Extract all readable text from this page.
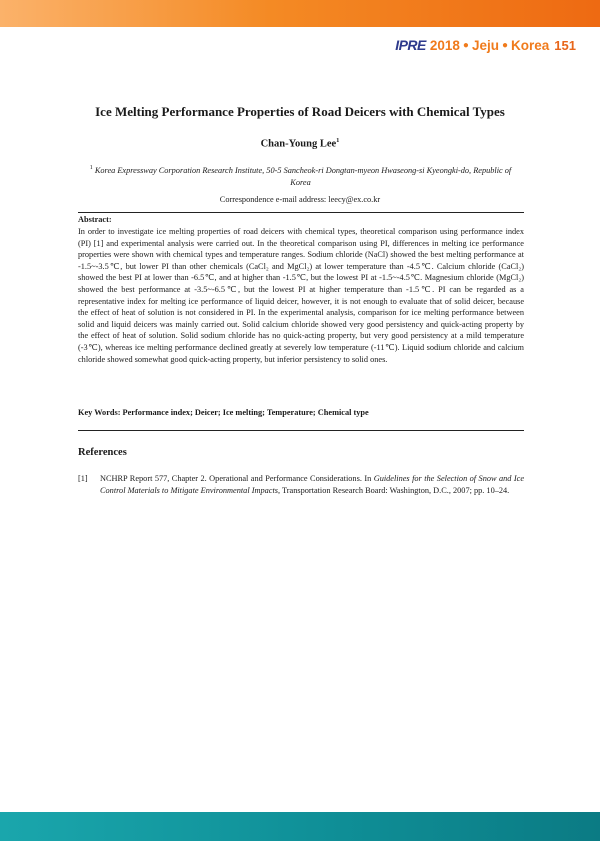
IPRE 2018 ● Jeju ● Korea 151
Ice Melting Performance Properties of Road Deicers with Chemical Types
Chan-Young Lee$^1$
$^1$ Korea Expressway Corporation Research Institute, 50-5 Sancheok-ri Dongtan-myeon Hwaseong-si Kyeongki-do, Republic of Korea
Correspondence e-mail address: leecy@ex.co.kr
Abstract:
In order to investigate ice melting properties of road deicers with chemical types, theoretical comparison using performance index (PI) [1] and experimental analysis were carried out. In the theoretical comparison using PI, differences in melting ice performance properties were shown with chemical types and temperature ranges. Sodium chloride (NaCl) showed the best melting performance at -1.5~-3.5℃, but lower PI than other chemicals (CaCl₂ and MgCl₂) at lower temperature than -4.5℃. Calcium chloride (CaCl₂) showed the best PI at lower than -6.5℃, and at higher than -1.5℃, but the lowest PI at -1.5~-4.5℃. Magnesium chloride (MgCl₂) showed the best performance at -3.5~-6.5℃, but the lowest PI at higher temperature than -1.5℃. PI can be regarded as a representative index for melting ice performance of liquid deicer, however, it is not enough to evaluate that of solid deicer, because the effect of heat of solution is not considered in PI. In the experimental analysis, comparison for ice melting performance between solid and liquid deicers was mainly carried out. Solid calcium chloride showed very good persistency and quick-acting property by the effect of heat of solution. Solid sodium chloride has no quick-acting property, but very good persistency at a mild temperature (-3℃), whereas ice melting performance declined greatly at severely low temperature (-11℃). Liquid sodium chloride and calcium chloride showed somewhat good quick-acting property, but inferior persistency to solid ones.
Key Words: Performance index; Deicer; Ice melting; Temperature; Chemical type
References
[1] NCHRP Report 577, Chapter 2. Operational and Performance Considerations. In Guidelines for the Selection of Snow and Ice Control Materials to Mitigate Environmental Impacts, Transportation Research Board: Washington, D.C., 2007; pp. 10–24.
